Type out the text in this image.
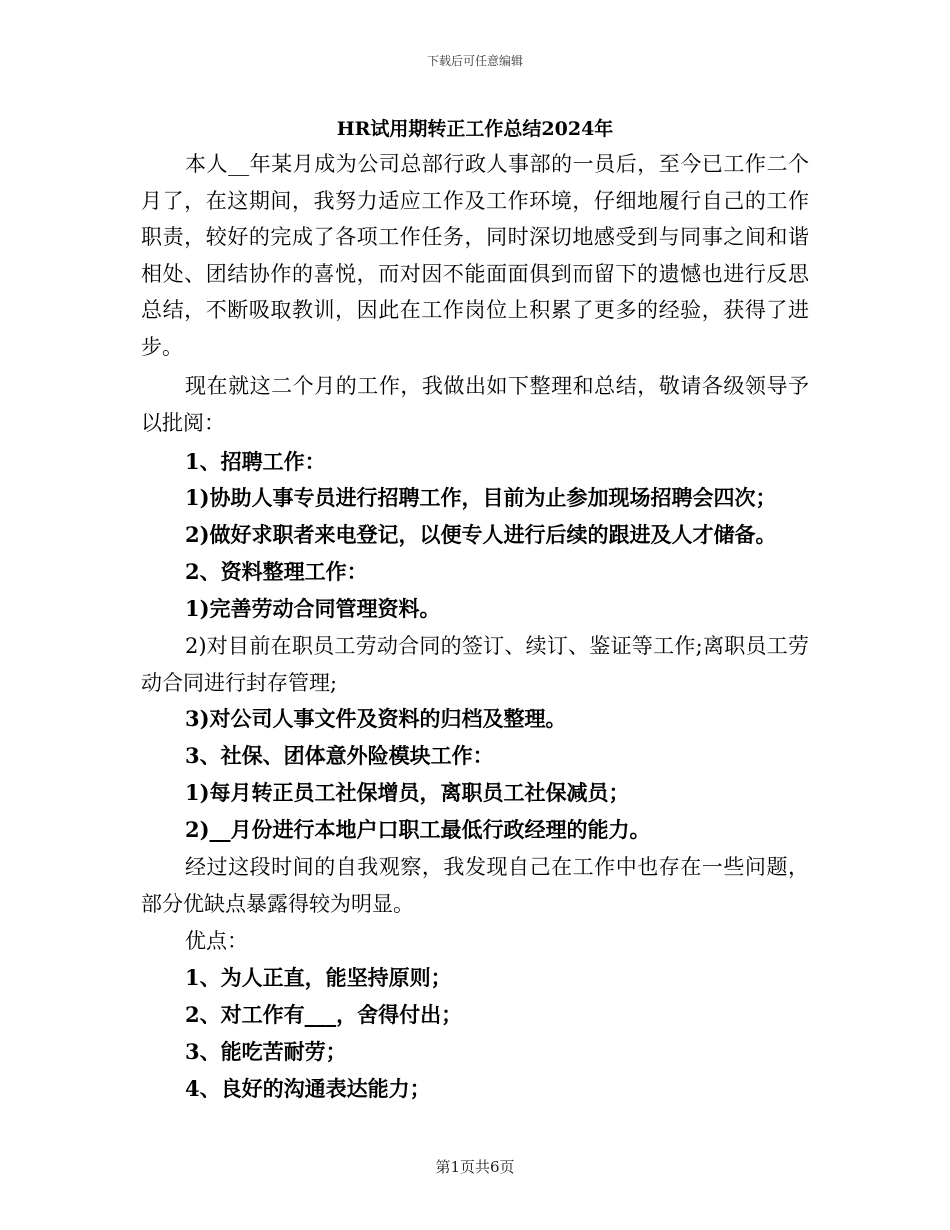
下载后可任意编辑
HR试用期转正工作总结2024年

本人__年某月成为公司总部行政人事部的一员后，至今已工作二个月了，在这期间，我努力适应工作及工作环境，仔细地履行自己的工作职责，较好的完成了各项工作任务，同时深切地感受到与同事之间和谐相处、团结协作的喜悦，而对因不能面面俱到而留下的遗憾也进行反思总结，不断吸取教训，因此在工作岗位上积累了更多的经验，获得了进步。

现在就这二个月的工作，我做出如下整理和总结，敬请各级领导予以批阅：

1、招聘工作：

1)协助人事专员进行招聘工作，目前为止参加现场招聘会四次；

2)做好求职者来电登记，以便专人进行后续的跟进及人才储备。

2、资料整理工作：

1)完善劳动合同管理资料。

2)对目前在职员工劳动合同的签订、续订、鉴证等工作;离职员工劳动合同进行封存管理;

3)对公司人事文件及资料的归档及整理。

3、社保、团体意外险模块工作：

1)每月转正员工社保增员，离职员工社保减员；

2)__月份进行本地户口职工最低行政经理的能力。

经过这段时间的自我观察，我发现自己在工作中也存在一些问题，部分优缺点暴露得较为明显。

优点：

1、为人正直，能坚持原则；

2、对工作有___，舍得付出；

3、能吃苦耐劳；

4、良好的沟通表达能力；

第1页共6页
